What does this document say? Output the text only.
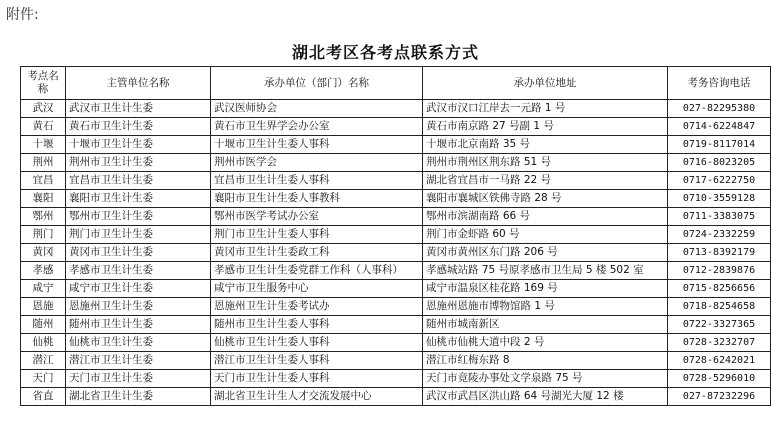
附件:
湖北考区各考点联系方式
考点名称	主管单位名称	承办单位（部门）名称	承办单位地址	考务咨询电话
武汉	武汉市卫生计生委	武汉医师协会	武汉市汉口江岸去一元路 1 号	027-82295380
黄石	黄石市卫生计生委	黄石市卫生界学会办公室	黄石市南京路 27 号副 1 号	0714-6224847
十堰	十堰市卫生计生委	十堰市卫生计生委人事科	十堰市北京南路 35 号	0719-8117014
荆州	荆州市卫生计生委	荆州市医学会	荆州市荆州区荆东路 51 号	0716-8023205
宜昌	宜昌市卫生计生委	宜昌市卫生计生委人事科	湖北省宜昌市一马路 22 号	0717-6222750
襄阳	襄阳市卫生计生委	襄阳市卫生计生委人事教科	襄阳市襄城区铁佛寺路 28 号	0710-3559128
鄂州	鄂州市卫生计生委	鄂州市医学考试办公室	鄂州市滨湖南路 66 号	0711-3383075
荆门	荆门市卫生计生委	荆门市卫生计生委人事科	荆门市金虾路 60 号	0724-2332259
黄冈	黄冈市卫生计生委	黄冈市卫生计生委政工科	黄冈市黄州区东门路 206 号	0713-8392179
孝感	孝感市卫生计生委	孝感市卫生计生委党群工作科（人事科）	孝感城站路 75 号原孝感市卫生局 5 楼 502 室	0712-2839876
咸宁	咸宁市卫生计生委	咸宁市卫生服务中心	咸宁市温泉区桂花路 169 号	0715-8256656
恩施	恩施州卫生计生委	恩施州卫生计生委考试办	恩施州恩施市博物馆路 1 号	0718-8254658
随州	随州市卫生计生委	随州市卫生计生委人事科	随州市城南新区	0722-3327365
仙桃	仙桃市卫生计生委	仙桃市卫生计生委人事科	仙桃市仙桃大道中段 2 号	0728-3232707
潜江	潜江市卫生计生委	潜江市卫生计生委人事科	潜江市红梅东路 8	0728-6242021
天门	天门市卫生计生委	天门市卫生计生委人事科	天门市竟陵办事处文学泉路 75 号	0728-5296010
省直	湖北省卫生计生委	湖北省卫生计生人才交流发展中心	武汉市武昌区洪山路 64 号湖光大厦 12 楼	027-87232296
